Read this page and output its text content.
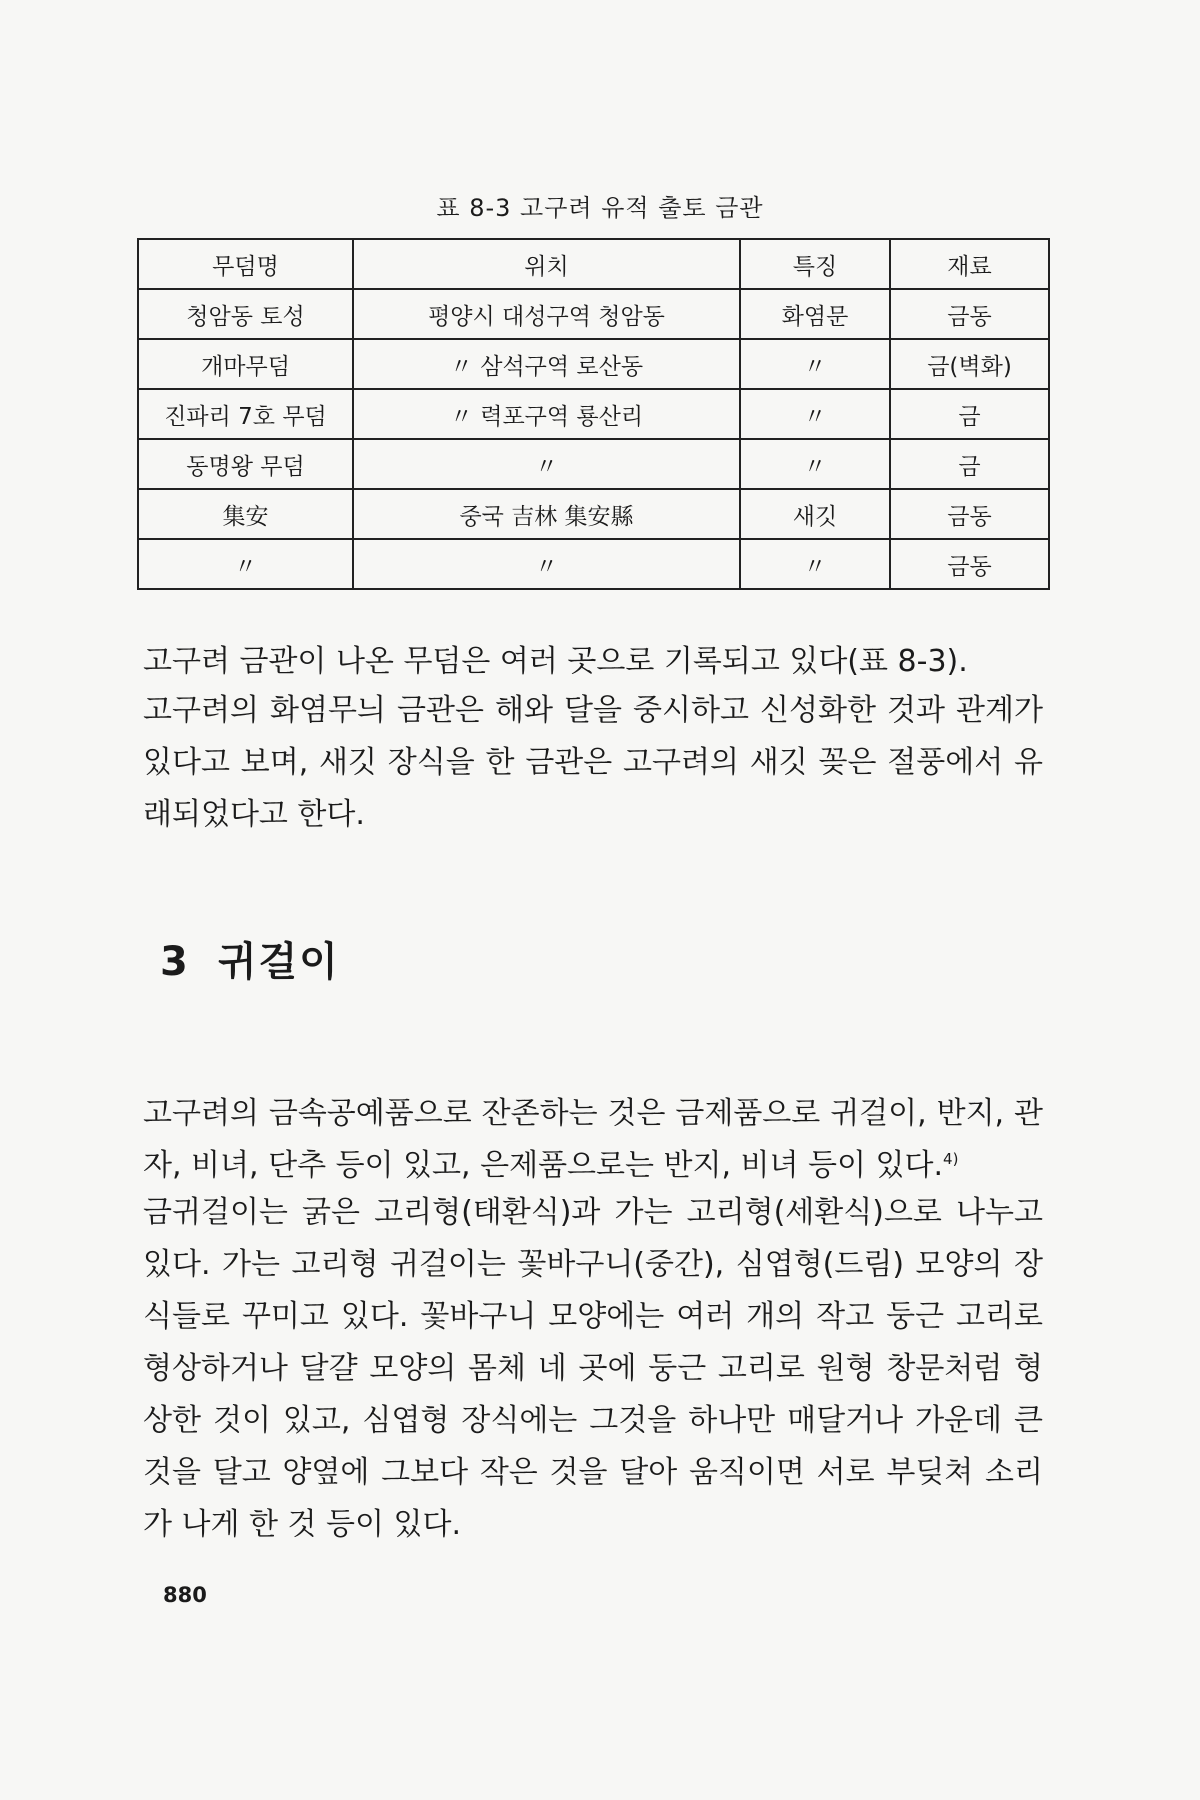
표 8-3 고구려 유적 출토 금관
무덤명	위치	특징	재료
청암동 토성	평양시 대성구역 청암동	화염문	금동
개마무덤	〃 삼석구역 로산동	〃	금(벽화)
진파리 7호 무덤	〃 력포구역 룡산리	〃	금
동명왕 무덤	〃	〃	금
集安	중국 吉林 集安縣	새깃	금동
〃	〃	〃	금동

고구려 금관이 나온 무덤은 여러 곳으로 기록되고 있다(표 8-3).

고구려의 화염무늬 금관은 해와 달을 중시하고 신성화한 것과 관계가 있다고 보며, 새깃 장식을 한 금관은 고구려의 새깃 꽂은 절풍에서 유래되었다고 한다.

3 귀걸이

고구려의 금속공예품으로 잔존하는 것은 금제품으로 귀걸이, 반지, 관자, 비녀, 단추 등이 있고, 은제품으로는 반지, 비녀 등이 있다.$^{4)}$

금귀걸이는 굵은 고리형(태환식)과 가는 고리형(세환식)으로 나누고 있다. 가는 고리형 귀걸이는 꽃바구니(중간), 심엽형(드림) 모양의 장식들로 꾸미고 있다. 꽃바구니 모양에는 여러 개의 작고 둥근 고리로 형상하거나 달걀 모양의 몸체 네 곳에 둥근 고리로 원형 창문처럼 형상한 것이 있고, 심엽형 장식에는 그것을 하나만 매달거나 가운데 큰 것을 달고 양옆에 그보다 작은 것을 달아 움직이면 서로 부딪쳐 소리가 나게 한 것 등이 있다.

880
